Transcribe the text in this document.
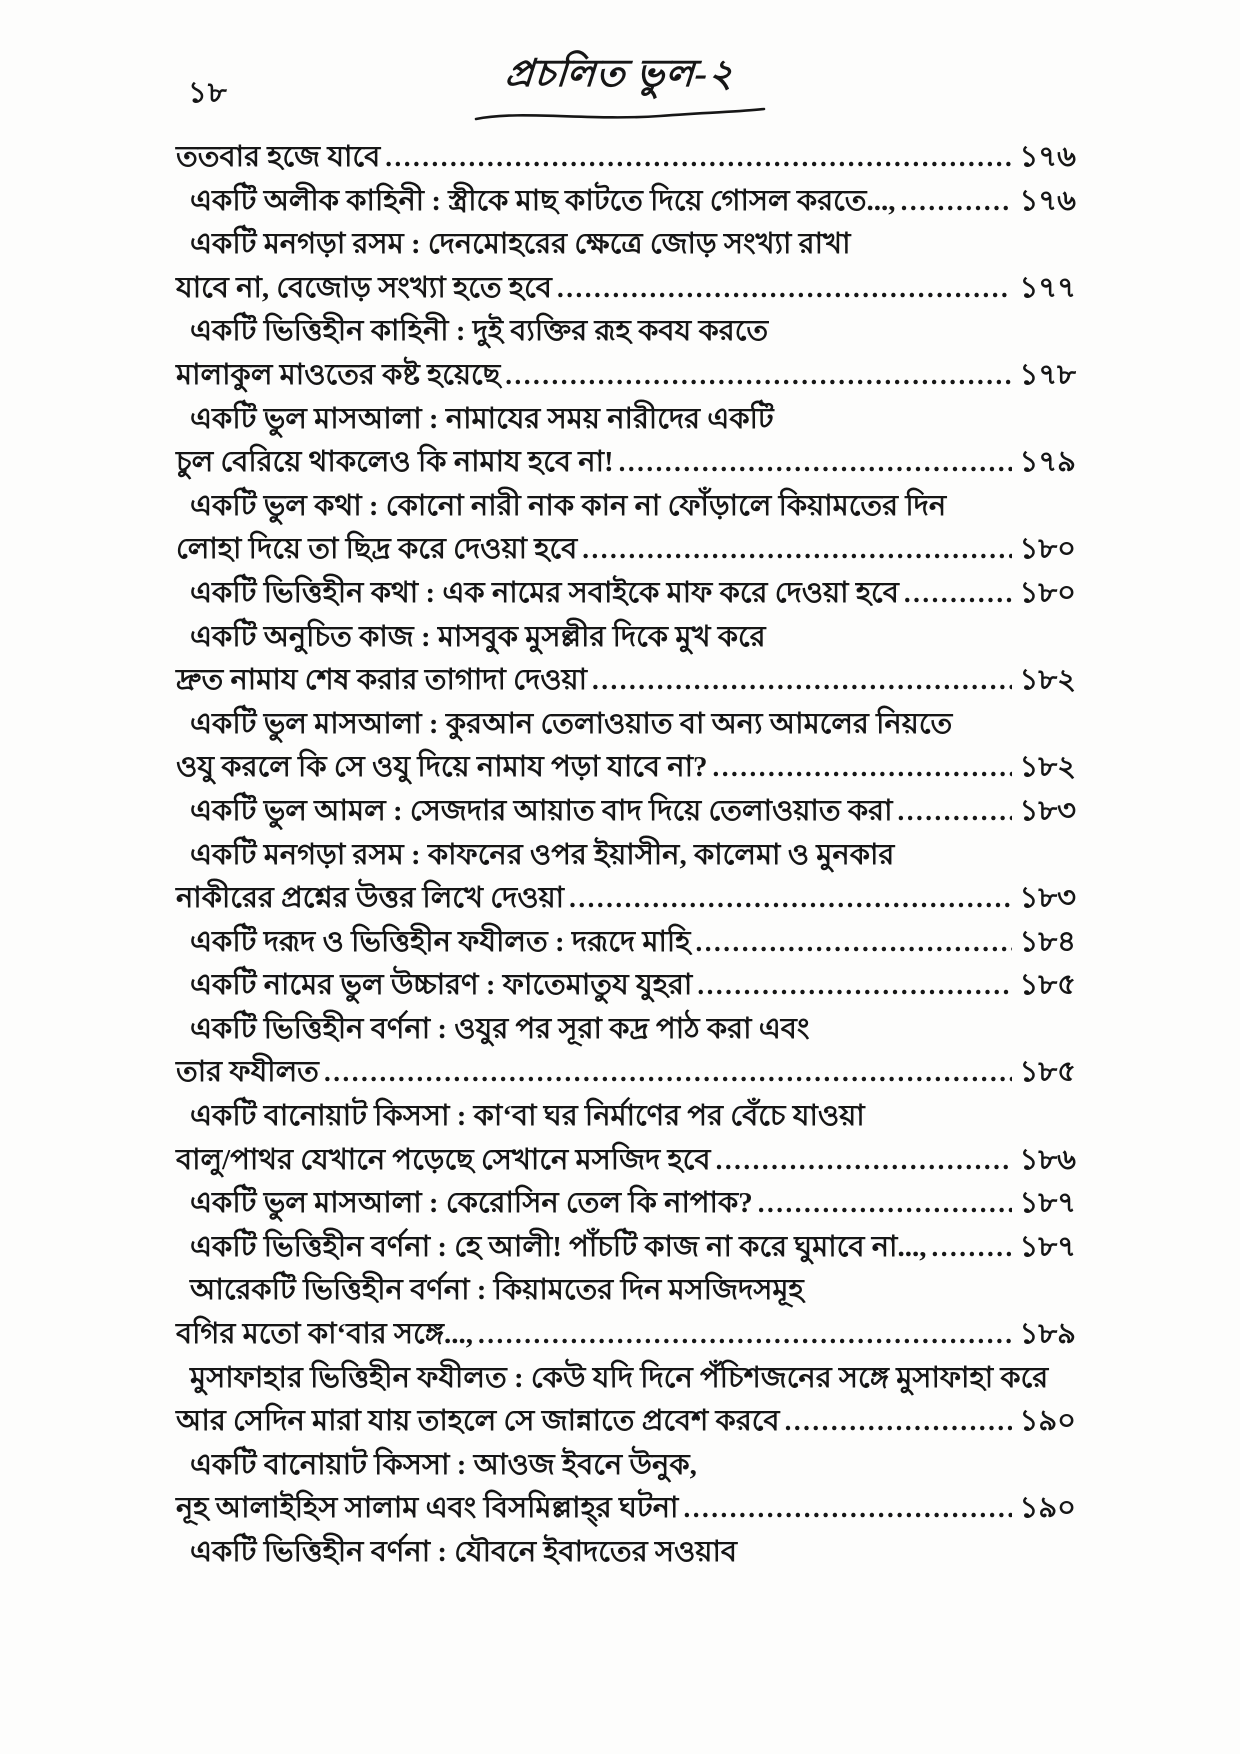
১৮	প্রচলিত ভুল-২
ততবার হজে যাবে .....	১৭৬
একটি অলীক কাহিনী : স্ত্রীকে মাছ কাটতে দিয়ে গোসল করতে..., .....	১৭৬
একটি মনগড়া রসম : দেনমোহরের ক্ষেত্রে জোড় সংখ্যা রাখা
যাবে না, বেজোড় সংখ্যা হতে হবে .....	১৭৭
একটি ভিত্তিহীন কাহিনী : দুই ব্যক্তির রূহ কবয করতে
মালাকুল মাওতের কষ্ট হয়েছে .....	১৭৮
একটি ভুল মাসআলা : নামাযের সময় নারীদের একটি
চুল বেরিয়ে থাকলেও কি নামায হবে না! .....	১৭৯
একটি ভুল কথা : কোনো নারী নাক কান না ফোঁড়ালে কিয়ামতের দিন
লোহা দিয়ে তা ছিদ্র করে দেওয়া হবে .....	১৮০
একটি ভিত্তিহীন কথা : এক নামের সবাইকে মাফ করে দেওয়া হবে .....	১৮০
একটি অনুচিত কাজ : মাসবুক মুসল্লীর দিকে মুখ করে
দ্রুত নামায শেষ করার তাগাদা দেওয়া .....	১৮২
একটি ভুল মাসআলা : কুরআন তেলাওয়াত বা অন্য আমলের নিয়তে
ওযু করলে কি সে ওযু দিয়ে নামায পড়া যাবে না? .....	১৮২
একটি ভুল আমল : সেজদার আয়াত বাদ দিয়ে তেলাওয়াত করা .....	১৮৩
একটি মনগড়া রসম : কাফনের ওপর ইয়াসীন, কালেমা ও মুনকার
নাকীরের প্রশ্নের উত্তর লিখে দেওয়া .....	১৮৩
একটি দরূদ ও ভিত্তিহীন ফযীলত : দরূদে মাহি .....	১৮৪
একটি নামের ভুল উচ্চারণ : ফাতেমাতুয যুহরা .....	১৮৫
একটি ভিত্তিহীন বর্ণনা : ওযুর পর সূরা কদ্র পাঠ করা এবং
তার ফযীলত .....	১৮৫
একটি বানোয়াট কিসসা : কা‘বা ঘর নির্মাণের পর বেঁচে যাওয়া
বালু/পাথর যেখানে পড়েছে সেখানে মসজিদ হবে .....	১৮৬
একটি ভুল মাসআলা : কেরোসিন তেল কি নাপাক? .....	১৮৭
একটি ভিত্তিহীন বর্ণনা : হে আলী! পাঁচটি কাজ না করে ঘুমাবে না..., .....	১৮৭
আরেকটি ভিত্তিহীন বর্ণনা : কিয়ামতের দিন মসজিদসমূহ
বগির মতো কা‘বার সঙ্গে..., .....	১৮৯
মুসাফাহার ভিত্তিহীন ফযীলত : কেউ যদি দিনে পঁচিশজনের সঙ্গে মুসাফাহা করে
আর সেদিন মারা যায় তাহলে সে জান্নাতে প্রবেশ করবে .....	১৯০
একটি বানোয়াট কিসসা : আওজ ইবনে উনুক,
নূহ আলাইহিস সালাম এবং বিসমিল্লাহ্‌র ঘটনা .....	১৯০
একটি ভিত্তিহীন বর্ণনা : যৌবনে ইবাদতের সওয়াব
